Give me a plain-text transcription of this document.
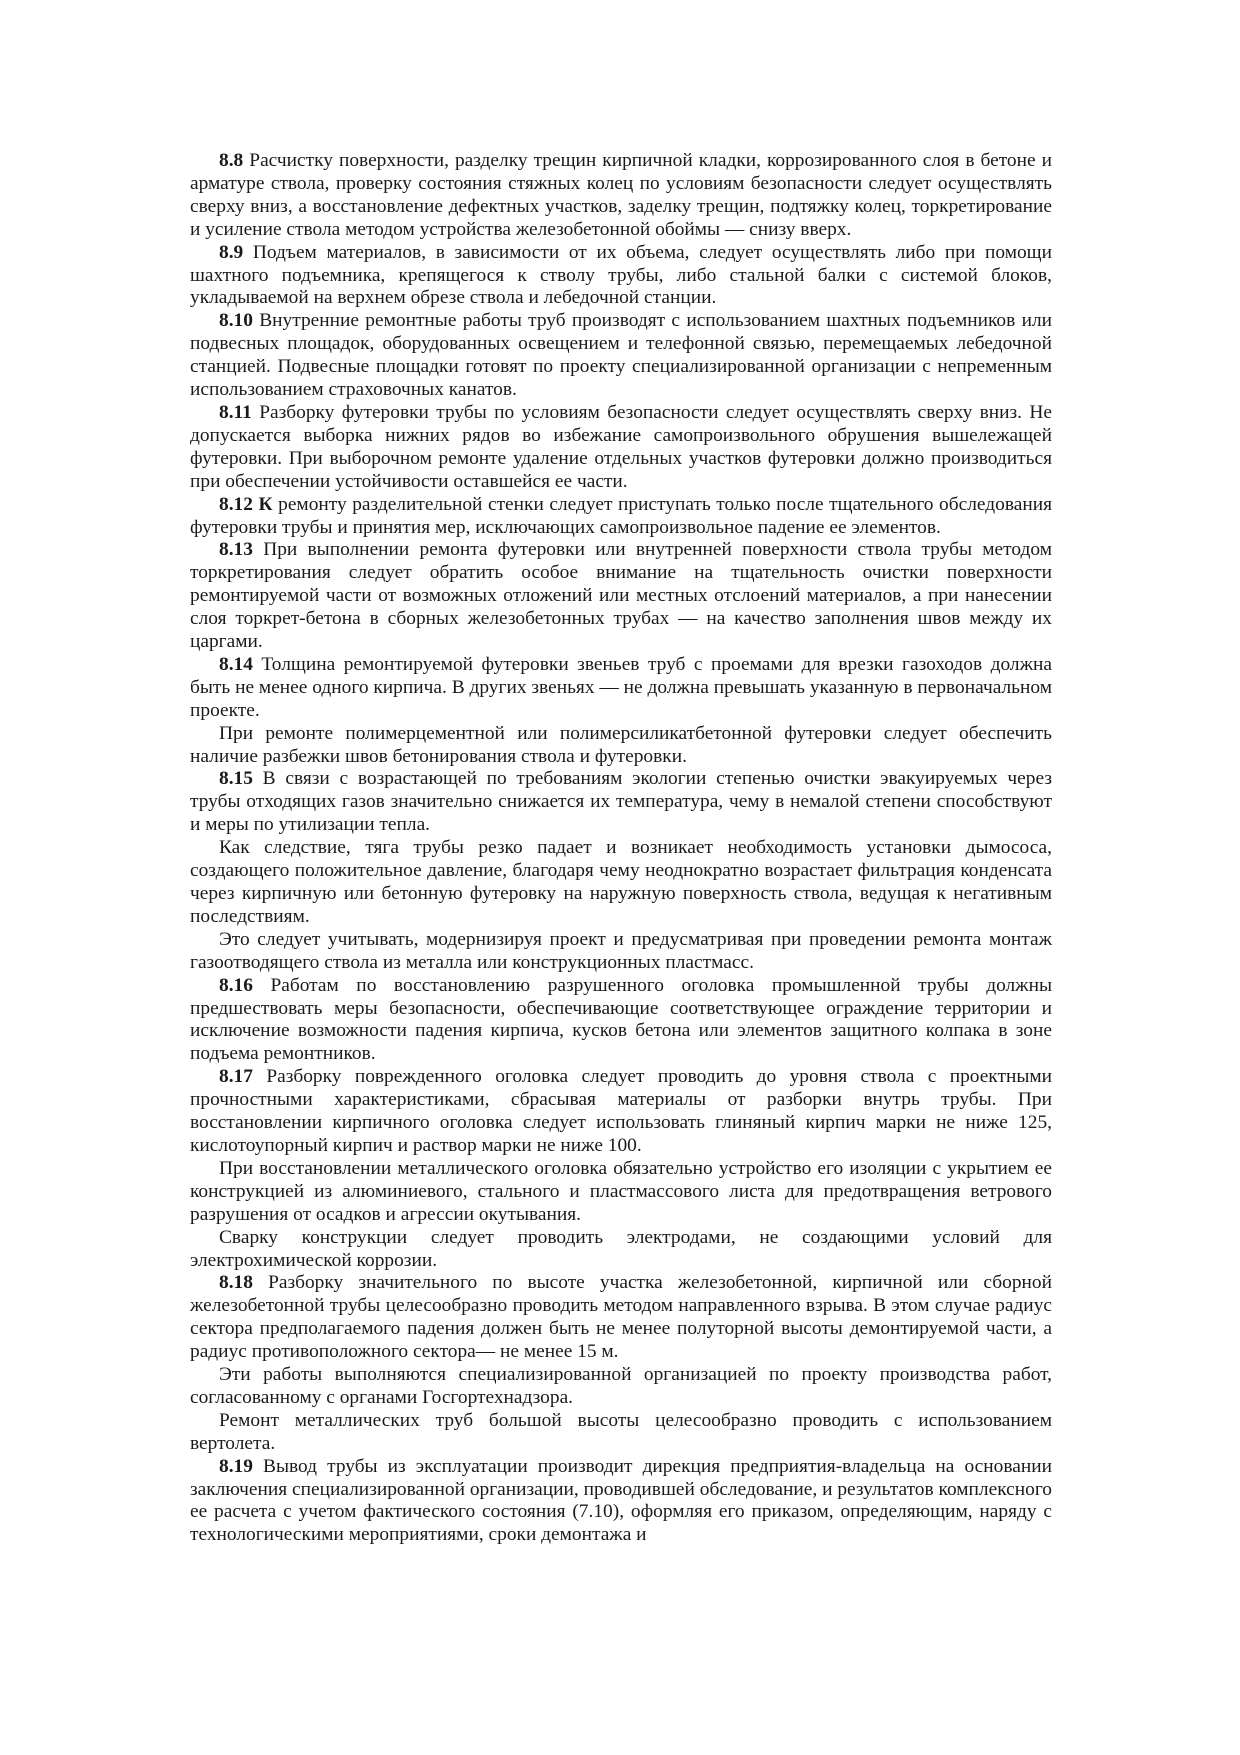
8.8 Расчистку поверхности, разделку трещин кирпичной кладки, коррозированного слоя в бетоне и арматуре ствола, проверку состояния стяжных колец по условиям безопасности следует осуществлять сверху вниз, а восстановление дефектных участков, заделку трещин, подтяжку колец, торкретирование и усиление ствола методом устройства железобетонной обоймы — снизу вверх.

8.9 Подъем материалов, в зависимости от их объема, следует осуществлять либо при помощи шахтного подъемника, крепящегося к стволу трубы, либо стальной балки с системой блоков, укладываемой на верхнем обрезе ствола и лебедочной станции.

8.10 Внутренние ремонтные работы труб производят с использованием шахтных подъемников или подвесных площадок, оборудованных освещением и телефонной связью, перемещаемых лебедочной станцией. Подвесные площадки готовят по проекту специализированной организации с непременным использованием страховочных канатов.

8.11 Разборку футеровки трубы по условиям безопасности следует осуществлять сверху вниз. Не допускается выборка нижних рядов во избежание самопроизвольного обрушения вышележащей футеровки. При выборочном ремонте удаление отдельных участков футеровки должно производиться при обеспечении устойчивости оставшейся ее части.

8.12 К ремонту разделительной стенки следует приступать только после тщательного обследования футеровки трубы и принятия мер, исключающих самопроизвольное падение ее элементов.

8.13 При выполнении ремонта футеровки или внутренней поверхности ствола трубы методом торкретирования следует обратить особое внимание на тщательность очистки поверхности ремонтируемой части от возможных отложений или местных отслоений материалов, а при нанесении слоя торкрет-бетона в сборных железобетонных трубах — на качество заполнения швов между их царгами.

8.14 Толщина ремонтируемой футеровки звеньев труб с проемами для врезки газоходов должна быть не менее одного кирпича. В других звеньях — не должна превышать указанную в первоначальном проекте.

При ремонте полимерцементной или полимерсиликатбетонной футеровки следует обеспечить наличие разбежки швов бетонирования ствола и футеровки.

8.15 В связи с возрастающей по требованиям экологии степенью очистки эвакуируемых через трубы отходящих газов значительно снижается их температура, чему в немалой степени способствуют и меры по утилизации тепла.

Как следствие, тяга трубы резко падает и возникает необходимость установки дымососа, создающего положительное давление, благодаря чему неоднократно возрастает фильтрация конденсата через кирпичную или бетонную футеровку на наружную поверхность ствола, ведущая к негативным последствиям.

Это следует учитывать, модернизируя проект и предусматривая при проведении ремонта монтаж газоотводящего ствола из металла или конструкционных пластмасс.

8.16 Работам по восстановлению разрушенного оголовка промышленной трубы должны предшествовать меры безопасности, обеспечивающие соответствующее ограждение территории и исключение возможности падения кирпича, кусков бетона или элементов защитного колпака в зоне подъема ремонтников.

8.17 Разборку поврежденного оголовка следует проводить до уровня ствола с проектными прочностными характеристиками, сбрасывая материалы от разборки внутрь трубы. При восстановлении кирпичного оголовка следует использовать глиняный кирпич марки не ниже 125, кислотоупорный кирпич и раствор марки не ниже 100.

При восстановлении металлического оголовка обязательно устройство его изоляции с укрытием ее конструкцией из алюминиевого, стального и пластмассового листа для предотвращения ветрового разрушения от осадков и агрессии окутывания.

Сварку конструкции следует проводить электродами, не создающими условий для электрохимической коррозии.

8.18 Разборку значительного по высоте участка железобетонной, кирпичной или сборной железобетонной трубы целесообразно проводить методом направленного взрыва. В этом случае радиус сектора предполагаемого падения должен быть не менее полуторной высоты демонтируемой части, а радиус противоположного сектора— не менее 15 м.

Эти работы выполняются специализированной организацией по проекту производства работ, согласованному с органами Госгортехнадзора.

Ремонт металлических труб большой высоты целесообразно проводить с использованием вертолета.

8.19 Вывод трубы из эксплуатации производит дирекция предприятия-владельца на основании заключения специализированной организации, проводившей обследование, и результатов комплексного ее расчета с учетом фактического состояния (7.10), оформляя его приказом, определяющим, наряду с технологическими мероприятиями, сроки демонтажа и
